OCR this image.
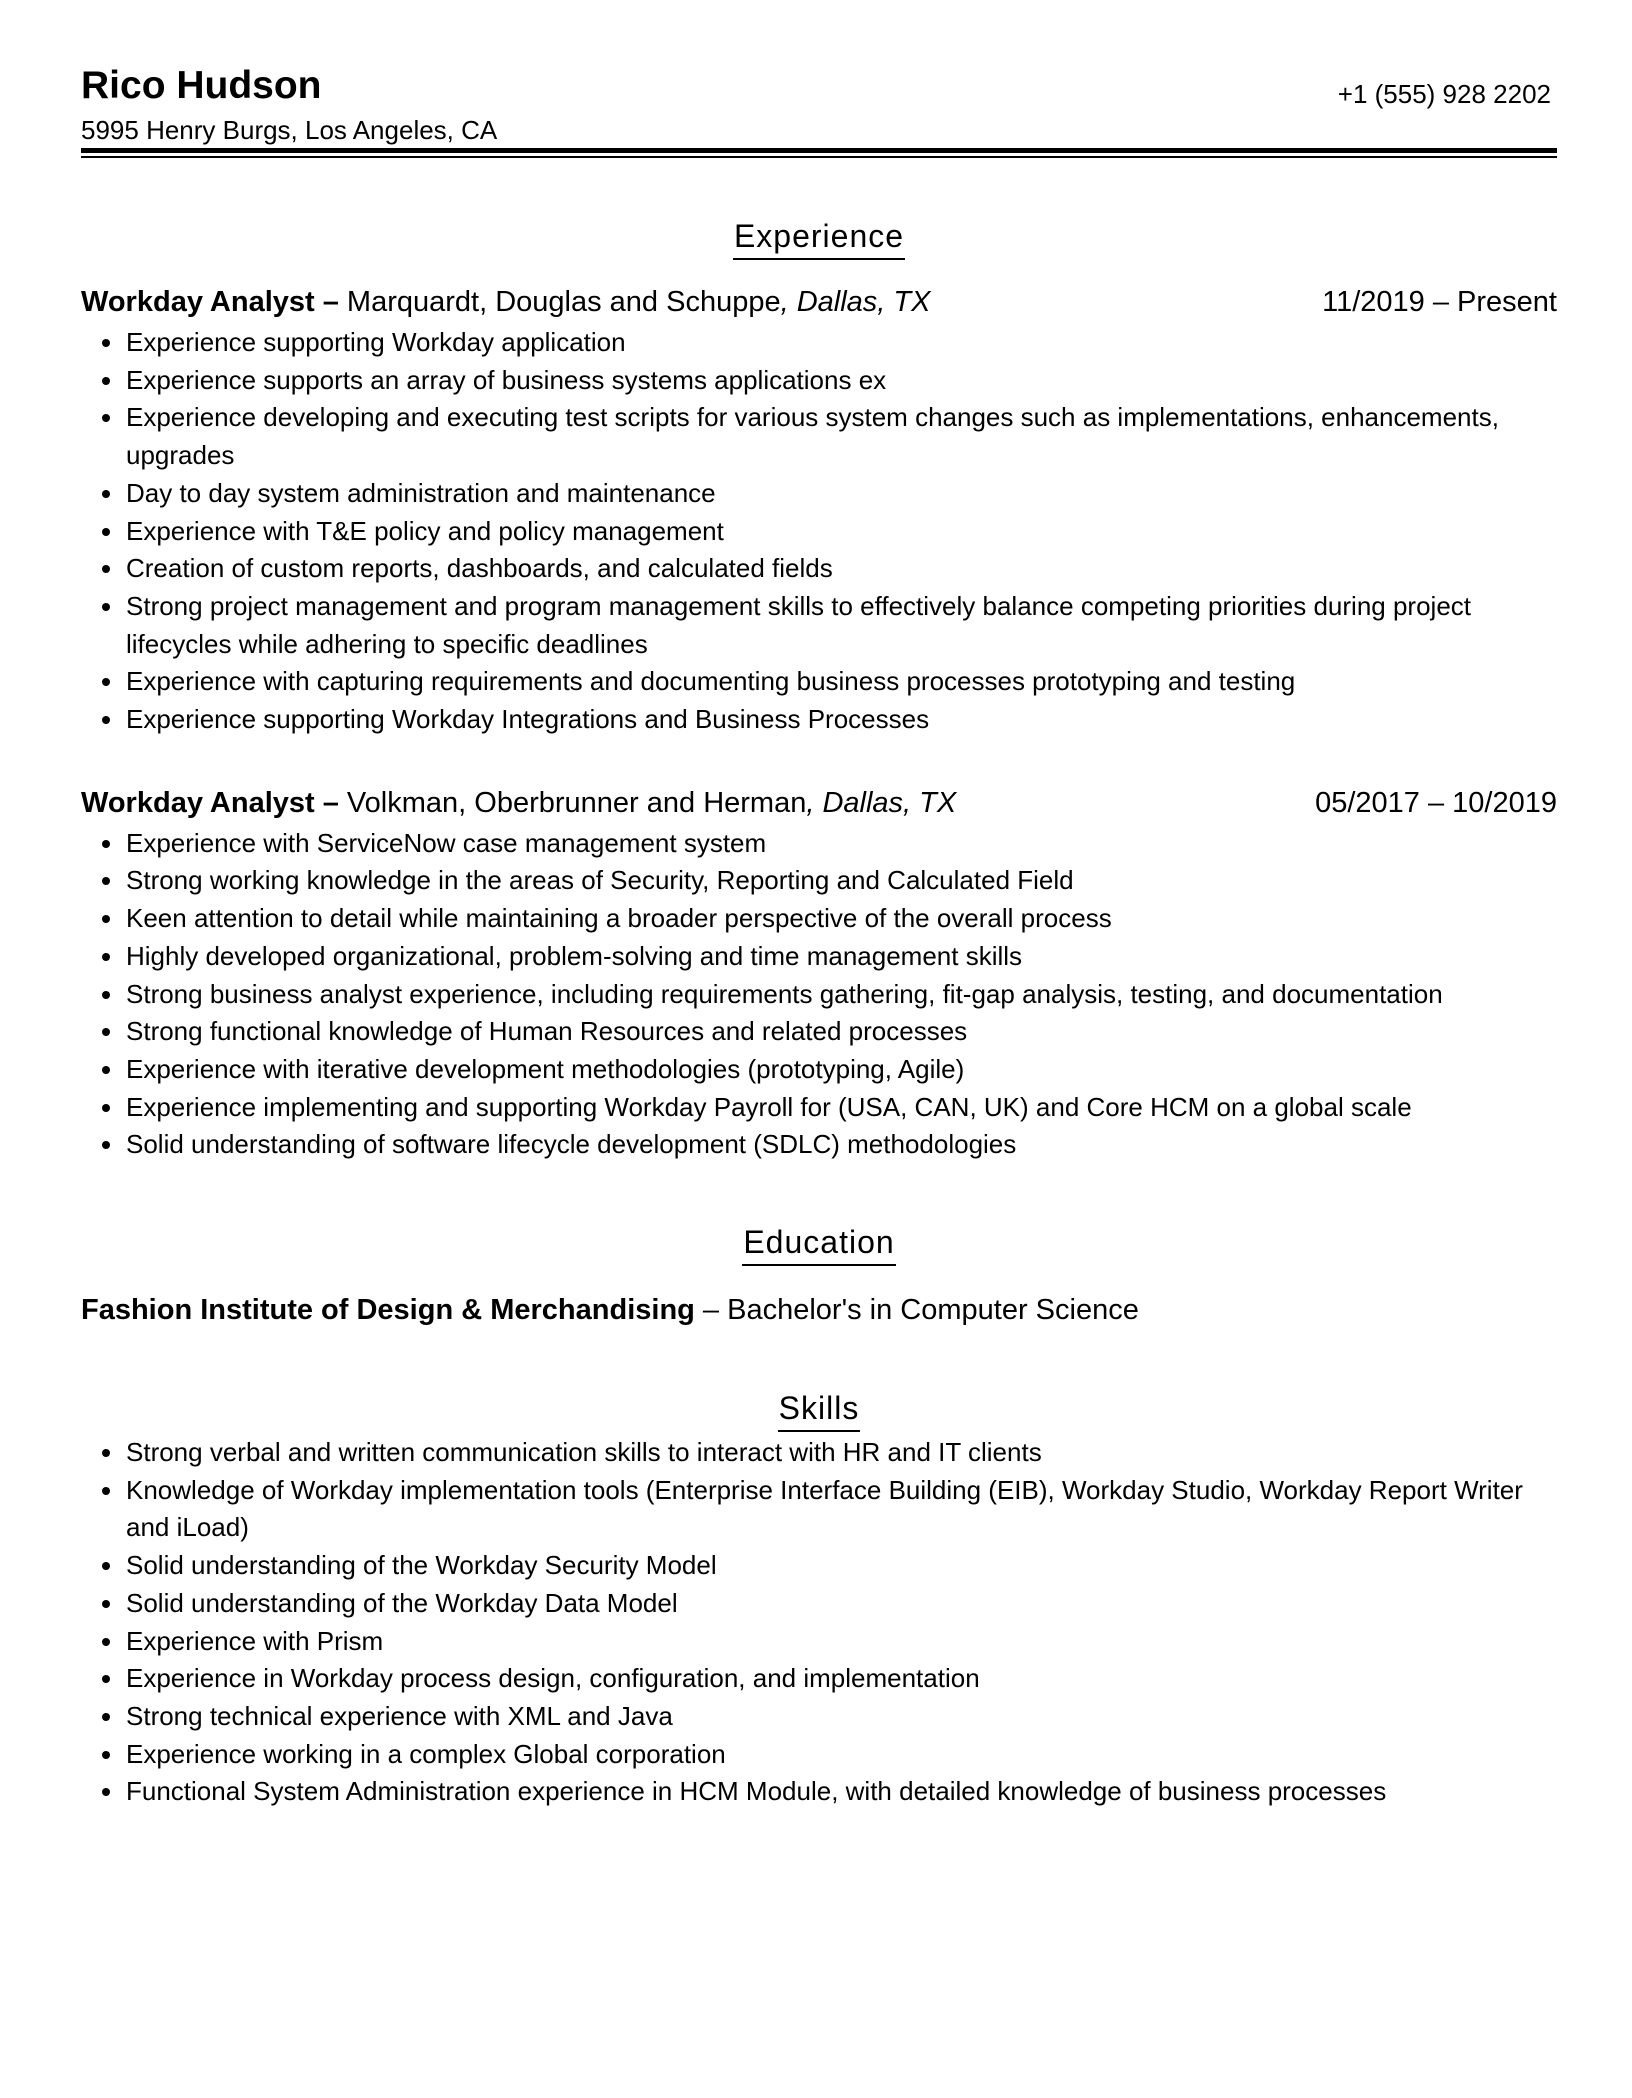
Rico Hudson
5995 Henry Burgs, Los Angeles, CA
+1 (555) 928 2202
Experience
Workday Analyst – Marquardt, Douglas and Schuppe, Dallas, TX	11/2019 – Present
Experience supporting Workday application
Experience supports an array of business systems applications ex
Experience developing and executing test scripts for various system changes such as implementations, enhancements, upgrades
Day to day system administration and maintenance
Experience with T&E policy and policy management
Creation of custom reports, dashboards, and calculated fields
Strong project management and program management skills to effectively balance competing priorities during project lifecycles while adhering to specific deadlines
Experience with capturing requirements and documenting business processes prototyping and testing
Experience supporting Workday Integrations and Business Processes
Workday Analyst – Volkman, Oberbrunner and Herman, Dallas, TX	05/2017 – 10/2019
Experience with ServiceNow case management system
Strong working knowledge in the areas of Security, Reporting and Calculated Field
Keen attention to detail while maintaining a broader perspective of the overall process
Highly developed organizational, problem-solving and time management skills
Strong business analyst experience, including requirements gathering, fit-gap analysis, testing, and documentation
Strong functional knowledge of Human Resources and related processes
Experience with iterative development methodologies (prototyping, Agile)
Experience implementing and supporting Workday Payroll for (USA, CAN, UK) and Core HCM on a global scale
Solid understanding of software lifecycle development (SDLC) methodologies
Education
Fashion Institute of Design & Merchandising – Bachelor's in Computer Science
Skills
Strong verbal and written communication skills to interact with HR and IT clients
Knowledge of Workday implementation tools (Enterprise Interface Building (EIB), Workday Studio, Workday Report Writer and iLoad)
Solid understanding of the Workday Security Model
Solid understanding of the Workday Data Model
Experience with Prism
Experience in Workday process design, configuration, and implementation
Strong technical experience with XML and Java
Experience working in a complex Global corporation
Functional System Administration experience in HCM Module, with detailed knowledge of business processes
